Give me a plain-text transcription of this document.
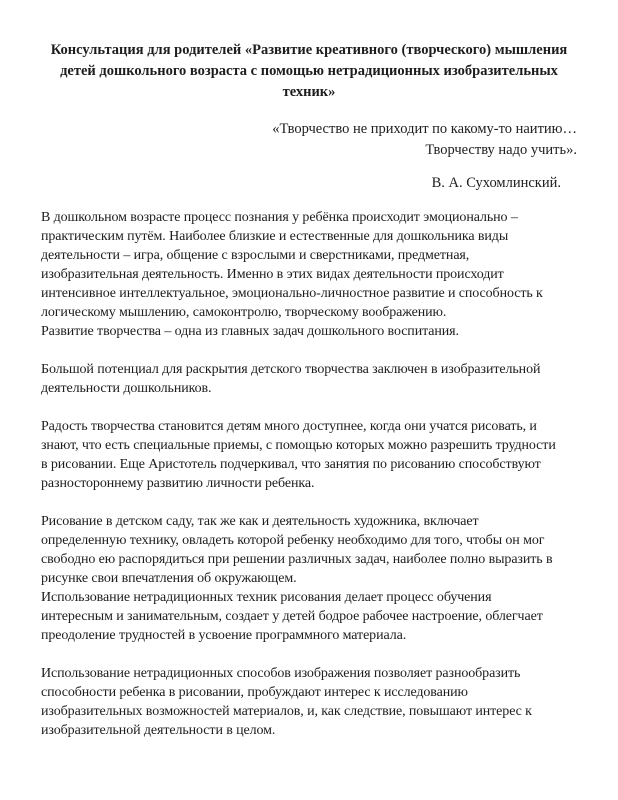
Консультация для родителей «Развитие креативного (творческого) мышления
детей дошкольного возраста с помощью нетрадиционных изобразительных
техник»
«Творчество не приходит по какому-то наитию…
Творчеству надо учить».
В. А. Сухомлинский.
В дошкольном возрасте процесс познания у ребёнка происходит эмоционально –
практическим путём. Наиболее близкие и естественные для дошкольника виды
деятельности – игра, общение с взрослыми и сверстниками, предметная,
изобразительная деятельность. Именно в этих видах деятельности происходит
интенсивное интеллектуальное, эмоционально-личностное развитие и способность к
логическому мышлению, самоконтролю, творческому воображению.
Развитие творчества – одна из главных задач дошкольного воспитания.
Большой потенциал для раскрытия детского творчества заключен в изобразительной
деятельности дошкольников.
Радость творчества становится детям много доступнее, когда они учатся рисовать, и
знают, что есть специальные приемы, с помощью которых можно разрешить трудности
в рисовании. Еще Аристотель подчеркивал, что занятия по рисованию способствуют
разностороннему развитию личности ребенка.
Рисование в детском саду, так же как и деятельность художника, включает
определенную технику, овладеть которой ребенку необходимо для того, чтобы он мог
свободно ею распорядиться при решении различных задач, наиболее полно выразить в
рисунке свои впечатления об окружающем.
Использование нетрадиционных техник рисования делает процесс обучения
интересным и занимательным, создает у детей бодрое рабочее настроение, облегчает
преодоление трудностей в усвоение программного материала.
Использование нетрадиционных способов изображения позволяет разнообразить
способности ребенка в рисовании, пробуждают интерес к исследованию
изобразительных возможностей материалов, и, как следствие, повышают интерес к
изобразительной деятельности в целом.
